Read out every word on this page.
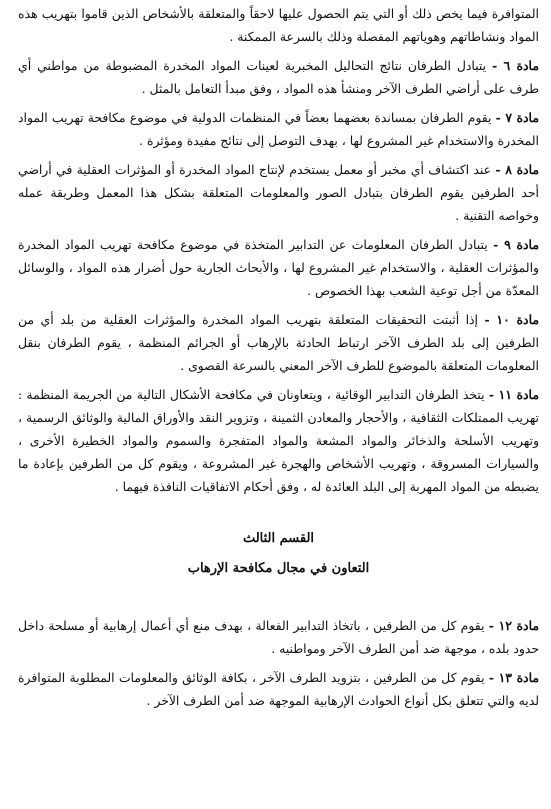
المتوافرة فيما يخص ذلك أو التي يتم الحصول عليها لاحقاً والمتعلقة بالأشخاص الذين قاموا بتهريب هذه المواد ونشاطاتهم وهوياتهم المفصلة وذلك بالسرعة الممكنة .

مادة ٦ - يتبادل الطرفان نتائج التحاليل المخبرية لعينات المواد المخدرة المضبوطة من مواطني أي طرف على أراضي الطرف الآخر ومنشأ هذه المواد ، وفق مبدأ التعامل بالمثل .

مادة ٧ - يقوم الطرفان بمساندة بعضهما بعضاً في المنظمات الدولية في موضوع مكافحة تهريب المواد المخدرة والاستخدام غير المشروع لها ، بهدف التوصل إلى نتائج مفيدة ومؤثرة .

مادة ٨ - عند اكتشاف أي مخبر أو معمل يستخدم لإنتاج المواد المخدرة أو المؤثرات العقلية في أراضي أحد الطرفين يقوم الطرفان بتبادل الصور والمعلومات المتعلقة بشكل هذا المعمل وطريقة عمله وخواصه التقنية .

مادة ٩ - يتبادل الطرفان المعلومات عن التدابير المتخذة في موضوع مكافحة تهريب المواد المخدرة والمؤثرات العقلية ، والاستخدام غير المشروع لها ، والأبحاث الجارية حول أضرار هذه المواد ، والوسائل المعدّة من أجل توعية الشعب بهذا الخصوص .

مادة ١٠ - إذا أثبتت التحقيقات المتعلقة بتهريب المواد المخدرة والمؤثرات العقلية من بلد أي من الطرفين إلى بلد الطرف الآخر ارتباط الحادثة بالإرهاب أو الجرائم المنظمة ، يقوم الطرفان بنقل المعلومات المتعلقة بالموضوع للطرف الآخر المعني بالسرعة القصوى .

مادة ١١ - يتخذ الطرفان التدابير الوقائية ، ويتعاونان في مكافحة الأشكال التالية من الجريمة المنظمة : تهريب الممتلكات الثقافية ، والأحجار والمعادن الثمينة ، وتزوير النقد والأوراق المالية والوثائق الرسمية ، وتهريب الأسلحة والذخائر والمواد المشعة والمواد المتفجرة والسموم والمواد الخطيرة الأخرى ، والسيارات المسروقة ، وتهريب الأشخاص والهجرة غير المشروعة ، ويقوم كل من الطرفين بإعادة ما يضبطه من المواد المهربة إلى البلد العائدة له ، وفق أحكام الاتفاقيات النافذة فيهما .

القسم الثالث

التعاون في مجال مكافحة الإرهاب

مادة ١٢ - يقوم كل من الطرفين ، باتخاذ التدابير الفعالة ، بهدف منع أي أعمال إرهابية أو مسلحة داخل حدود بلده ، موجهة ضد أمن الطرف الآخر ومواطنيه .

مادة ١٣ - يقوم كل من الطرفين ، بتزويد الطرف الآخر ، بكافة الوثائق والمعلومات المطلوبة المتوافرة لديه والتي تتعلق بكل أنواع الحوادث الإرهابية الموجهة ضد أمن الطرف الآخر .
